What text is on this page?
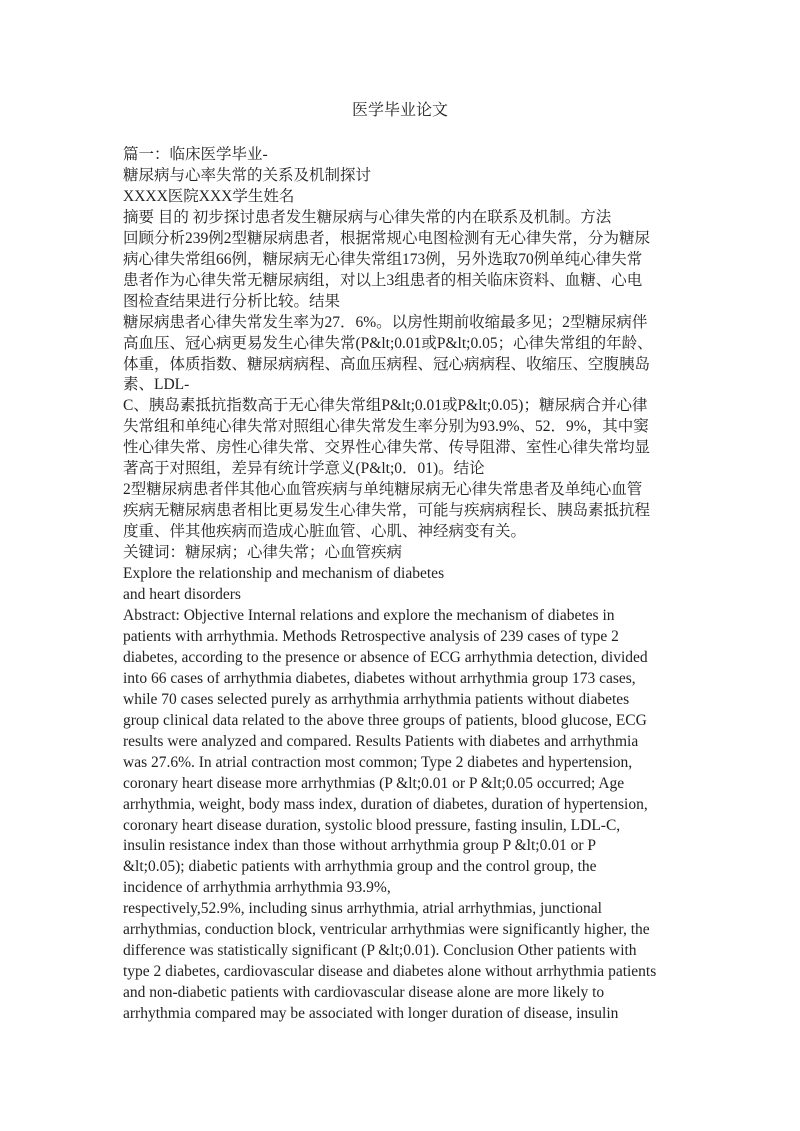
医学毕业论文
篇一：临床医学毕业-
糖尿病与心率失常的关系及机制探讨
XXXX医院XXX学生姓名
摘要 目的 初步探讨患者发生糖尿病与心律失常的内在联系及机制。方法
回顾分析239例2型糖尿病患者，根据常规心电图检测有无心律失常，分为糖尿
病心律失常组66例，糖尿病无心律失常组173例，另外选取70例单纯心律失常
患者作为心律失常无糖尿病组，对以上3组患者的相关临床资料、血糖、心电
图检查结果进行分析比较。结果
糖尿病患者心律失常发生率为27．6%。以房性期前收缩最多见；2型糖尿病伴
高血压、冠心病更易发生心律失常(P&lt;0.01或P&lt;0.05；心律失常组的年龄、
体重，体质指数、糖尿病病程、高血压病程、冠心病病程、收缩压、空腹胰岛
素、LDL-
C、胰岛素抵抗指数高于无心律失常组P&lt;0.01或P&lt;0.05)；糖尿病合并心律
失常组和单纯心律失常对照组心律失常发生率分别为93.9%、52．9%，其中窦
性心律失常、房性心律失常、交界性心律失常、传导阻滞、室性心律失常均显
著高于对照组，差异有统计学意义(P&lt;0．01)。结论
2型糖尿病患者伴其他心血管疾病与单纯糖尿病无心律失常患者及单纯心血管
疾病无糖尿病患者相比更易发生心律失常，可能与疾病病程长、胰岛素抵抗程
度重、伴其他疾病而造成心脏血管、心肌、神经病变有关。
关键词：糖尿病；心律失常；心血管疾病
Explore the relationship and mechanism of diabetes
and heart disorders
Abstract: Objective Internal relations and explore the mechanism of diabetes in
patients with arrhythmia. Methods Retrospective analysis of 239 cases of type 2
diabetes, according to the presence or absence of ECG arrhythmia detection, divided
into 66 cases of arrhythmia diabetes, diabetes without arrhythmia group 173 cases,
while 70 cases selected purely as arrhythmia arrhythmia patients without diabetes
group clinical data related to the above three groups of patients, blood glucose, ECG
results were analyzed and compared. Results Patients with diabetes and arrhythmia
was 27.6%. In atrial contraction most common; Type 2 diabetes and hypertension,
coronary heart disease more arrhythmias (P &lt;0.01 or P &lt;0.05 occurred; Age
arrhythmia, weight, body mass index, duration of diabetes, duration of hypertension,
coronary heart disease duration, systolic blood pressure, fasting insulin, LDL-C,
insulin resistance index than those without arrhythmia group P &lt;0.01 or P
&lt;0.05); diabetic patients with arrhythmia group and the control group, the
incidence of arrhythmia arrhythmia 93.9%,
respectively,52.9%, including sinus arrhythmia, atrial arrhythmias, junctional
arrhythmias, conduction block, ventricular arrhythmias were significantly higher, the
difference was statistically significant (P &lt;0.01). Conclusion Other patients with
type 2 diabetes, cardiovascular disease and diabetes alone without arrhythmia patients
and non-diabetic patients with cardiovascular disease alone are more likely to
arrhythmia compared may be associated with longer duration of disease, insulin
